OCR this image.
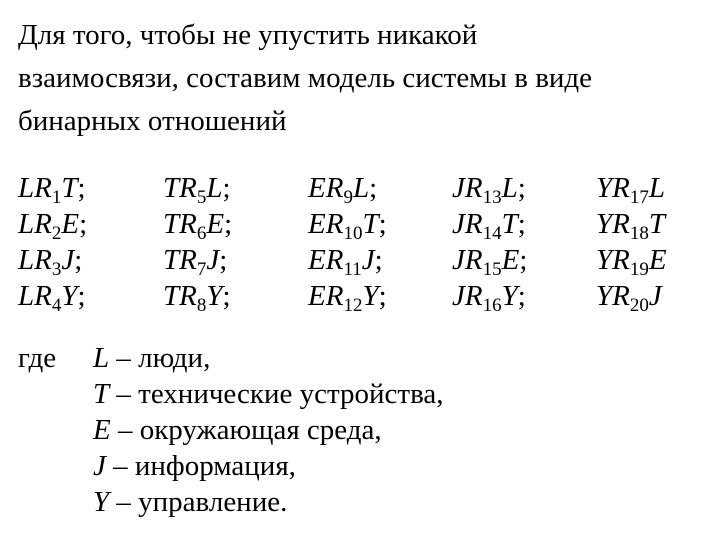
Для того, чтобы не упустить никакой
взаимосвязи, составим модель системы в виде
бинарных отношений
$LR_1T$;
$LR_2E$;
$LR_3J$;
$LR_4Y$;
$TR_5L$;
$TR_6E$;
$TR_7J$;
$TR_8Y$;
$ER_9L$;
$ER_{10}T$;
$ER_{11}J$;
$ER_{12}Y$;
$JR_{13}L$;
$JR_{14}T$;
$JR_{15}E$;
$JR_{16}Y$;
$YR_{17}L$
$YR_{18}T$
$YR_{19}E$
$YR_{20}J$
где L – люди,
T – технические устройства,
E – окружающая среда,
J – информация,
Y – управление.
